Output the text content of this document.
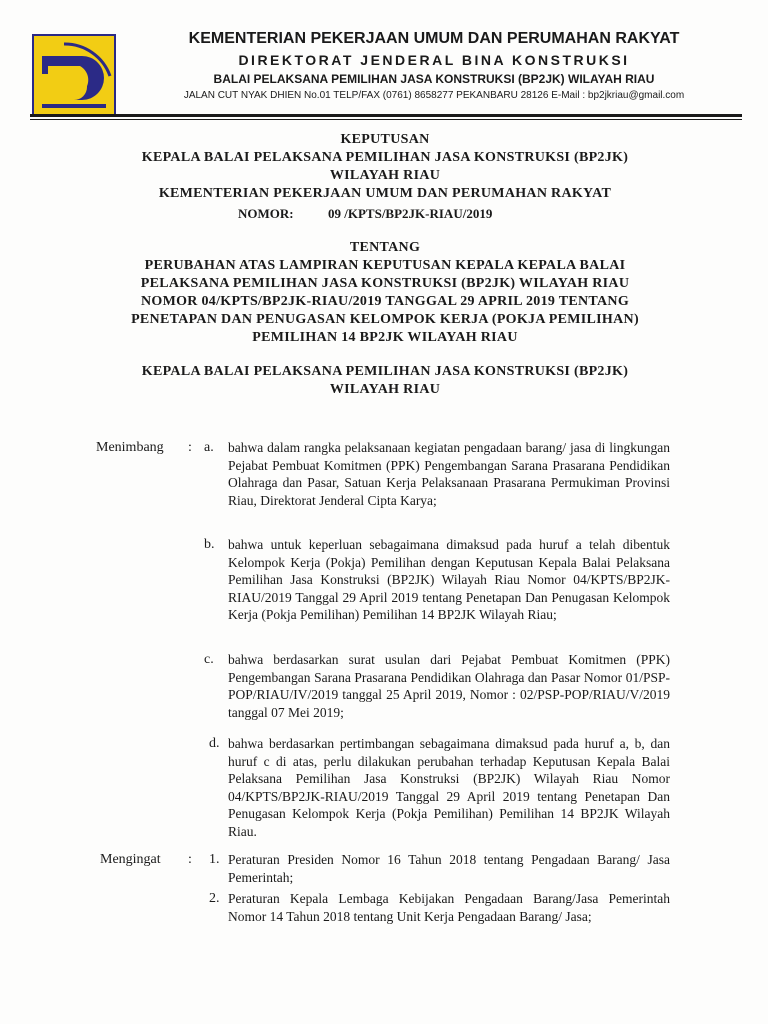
KEMENTERIAN PEKERJAAN UMUM DAN PERUMAHAN RAKYAT
DIREKTORAT JENDERAL BINA KONSTRUKSI
BALAI PELAKSANA PEMILIHAN JASA KONSTRUKSI (BP2JK) WILAYAH RIAU
JALAN CUT NYAK DHIEN No.01 TELP/FAX (0761) 8658277 PEKANBARU 28126 E-Mail : bp2jkriau@gmail.com
KEPUTUSAN
KEPALA BALAI PELAKSANA PEMILIHAN JASA KONSTRUKSI (BP2JK)
WILAYAH RIAU
KEMENTERIAN PEKERJAAN UMUM DAN PERUMAHAN RAKYAT
NOMOR:	09 /KPTS/BP2JK-RIAU/2019
TENTANG
PERUBAHAN ATAS LAMPIRAN KEPUTUSAN KEPALA KEPALA BALAI
PELAKSANA PEMILIHAN JASA KONSTRUKSI (BP2JK) WILAYAH RIAU
NOMOR 04/KPTS/BP2JK-RIAU/2019 TANGGAL 29 APRIL 2019 TENTANG
PENETAPAN DAN PENUGASAN KELOMPOK KERJA (POKJA PEMILIHAN)
PEMILIHAN 14 BP2JK WILAYAH RIAU
KEPALA BALAI PELAKSANA PEMILIHAN JASA KONSTRUKSI (BP2JK)
WILAYAH RIAU
Menimbang : a. bahwa dalam rangka pelaksanaan kegiatan pengadaan barang/ jasa di lingkungan Pejabat Pembuat Komitmen (PPK) Pengembangan Sarana Prasarana Pendidikan Olahraga dan Pasar, Satuan Kerja Pelaksanaan Prasarana Permukiman Provinsi Riau, Direktorat Jenderal Cipta Karya;

b. bahwa untuk keperluan sebagaimana dimaksud pada huruf a telah dibentuk Kelompok Kerja (Pokja) Pemilihan dengan Keputusan Kepala Balai Pelaksana Pemilihan Jasa Konstruksi (BP2JK) Wilayah Riau Nomor 04/KPTS/BP2JK-RIAU/2019 Tanggal 29 April 2019 tentang Penetapan Dan Penugasan Kelompok Kerja (Pokja Pemilihan) Pemilihan 14 BP2JK Wilayah Riau;

c. bahwa berdasarkan surat usulan dari Pejabat Pembuat Komitmen (PPK) Pengembangan Sarana Prasarana Pendidikan Olahraga dan Pasar Nomor 01/PSP-POP/RIAU/IV/2019 tanggal 25 April 2019, Nomor : 02/PSP-POP/RIAU/V/2019 tanggal 07 Mei 2019;

d. bahwa berdasarkan pertimbangan sebagaimana dimaksud pada huruf a, b, dan huruf c di atas, perlu dilakukan perubahan terhadap Keputusan Kepala Balai Pelaksana Pemilihan Jasa Konstruksi (BP2JK) Wilayah Riau Nomor 04/KPTS/BP2JK-RIAU/2019 Tanggal 29 April 2019 tentang Penetapan Dan Penugasan Kelompok Kerja (Pokja Pemilihan) Pemilihan 14 BP2JK Wilayah Riau.

Mengingat : 1. Peraturan Presiden Nomor 16 Tahun 2018 tentang Pengadaan Barang/ Jasa Pemerintah;

2. Peraturan Kepala Lembaga Kebijakan Pengadaan Barang/Jasa Pemerintah Nomor 14 Tahun 2018 tentang Unit Kerja Pengadaan Barang/ Jasa;
